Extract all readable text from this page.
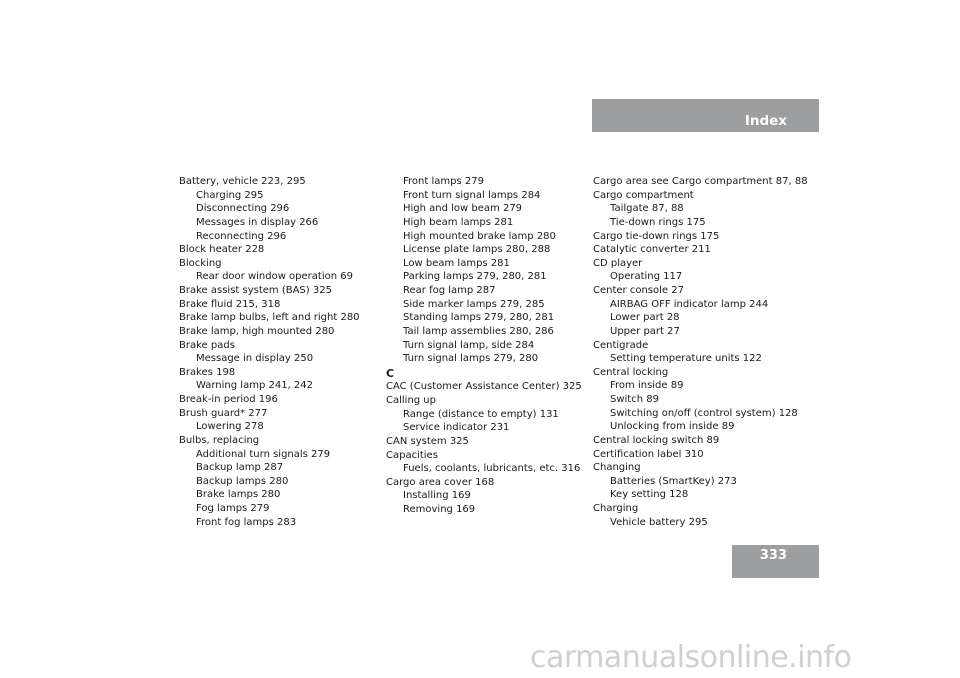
Index
Battery, vehicle 223, 295
Charging 295
Disconnecting 296
Messages in display 266
Reconnecting 296
Block heater 228
Blocking
Rear door window operation 69
Brake assist system (BAS) 325
Brake fluid 215, 318
Brake lamp bulbs, left and right 280
Brake lamp, high mounted 280
Brake pads
Message in display 250
Brakes 198
Warning lamp 241, 242
Break-in period 196
Brush guard* 277
Lowering 278
Bulbs, replacing
Additional turn signals 279
Backup lamp 287
Backup lamps 280
Brake lamps 280
Fog lamps 279
Front fog lamps 283
Front lamps 279
Front turn signal lamps 284
High and low beam 279
High beam lamps 281
High mounted brake lamp 280
License plate lamps 280, 288
Low beam lamps 281
Parking lamps 279, 280, 281
Rear fog lamp 287
Side marker lamps 279, 285
Standing lamps 279, 280, 281
Tail lamp assemblies 280, 286
Turn signal lamp, side 284
Turn signal lamps 279, 280
C
CAC (Customer Assistance Center) 325
Calling up
Range (distance to empty) 131
Service indicator 231
CAN system 325
Capacities
Fuels, coolants, lubricants, etc. 316
Cargo area cover 168
Installing 169
Removing 169
Cargo area see Cargo compartment 87, 88
Cargo compartment
Tailgate 87, 88
Tie-down rings 175
Cargo tie-down rings 175
Catalytic converter 211
CD player
Operating 117
Center console 27
AIRBAG OFF indicator lamp 244
Lower part 28
Upper part 27
Centigrade
Setting temperature units 122
Central locking
From inside 89
Switch 89
Switching on/off (control system) 128
Unlocking from inside 89
Central locking switch 89
Certification label 310
Changing
Batteries (SmartKey) 273
Key setting 128
Charging
Vehicle battery 295
333
carmanualsonline.info
